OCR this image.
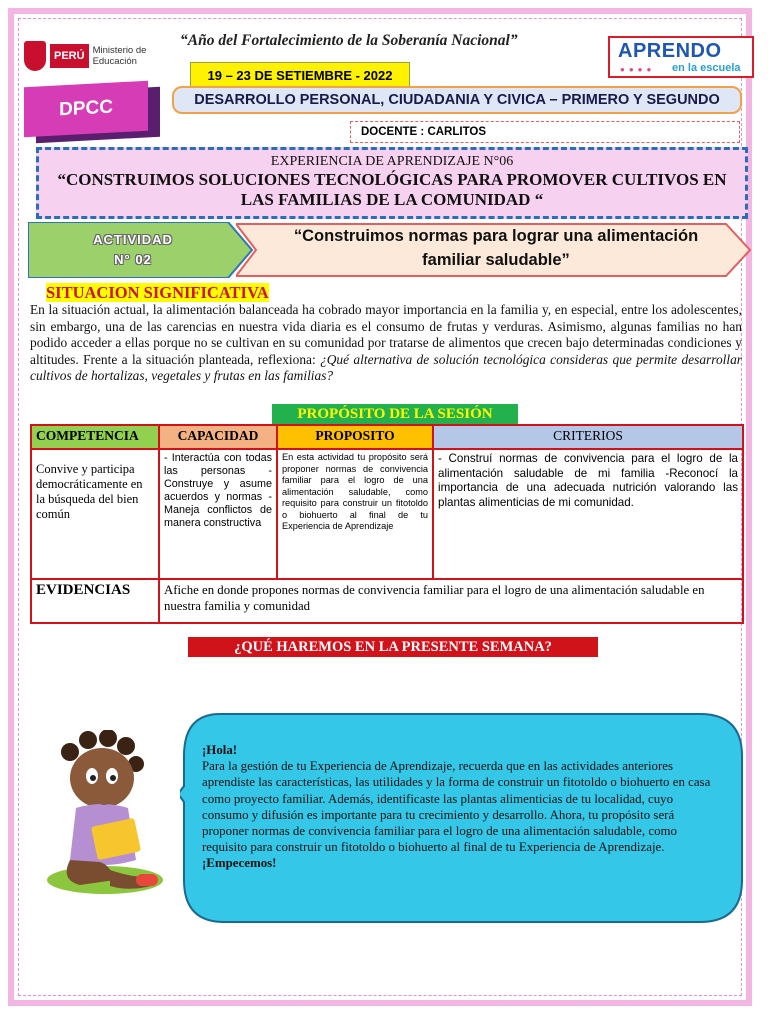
PERÚ Ministerio de Educación
“Año del Fortalecimiento de la Soberanía Nacional”
19 – 23 DE SETIEMBRE - 2022
APRENDO
● ● ● ● en la escuela
DPCC	DESARROLLO PERSONAL, CIUDADANIA Y CIVICA – PRIMERO Y SEGUNDO
DOCENTE : CARLITOS
EXPERIENCIA DE APRENDIZAJE N°06
“CONSTRUIMOS SOLUCIONES TECNOLÓGICAS PARA PROMOVER CULTIVOS EN LAS FAMILIAS DE LA COMUNIDAD “
ACTIVIDAD
N° 02
“Construimos normas para lograr una alimentación familiar saludable”
SITUACION SIGNIFICATIVA
En la situación actual, la alimentación balanceada ha cobrado mayor importancia en la familia y, en especial, entre los adolescentes, sin embargo, una de las carencias en nuestra vida diaria es el consumo de frutas y verduras. Asimismo, algunas familias no han podido acceder a ellas porque no se cultivan en su comunidad por tratarse de alimentos que crecen bajo determinadas condiciones y altitudes. Frente a la situación planteada, reflexiona: ¿Qué alternativa de solución tecnológica consideras que permite desarrollar cultivos de hortalizas, vegetales y frutas en las familias?
PROPÓSITO DE LA SESIÓN
COMPETENCIA	CAPACIDAD	PROPOSITO	CRITERIOS
Convive y participa democráticamente en la búsqueda del bien común	- Interactúa con todas las personas -Construye y asume acuerdos y normas -Maneja conflictos de manera constructiva	En esta actividad tu propósito será proponer normas de convivencia familiar para el logro de una alimentación saludable, como requisito para construir un fitotoldo o biohuerto al final de tu Experiencia de Aprendizaje	- Construí normas de convivencia para el logro de la alimentación saludable de mi familia -Reconocí la importancia de una adecuada nutrición valorando las plantas alimenticias de mi comunidad.
EVIDENCIAS	Afiche en donde propones normas de convivencia familiar para el logro de una alimentación saludable en nuestra familia y comunidad		
¿QUÉ HAREMOS EN LA PRESENTE SEMANA?
¡Hola!
Para la gestión de tu Experiencia de Aprendizaje, recuerda que en las actividades anteriores aprendiste las características, las utilidades y la forma de construir un fitotoldo o biohuerto en casa como proyecto familiar. Además, identificaste las plantas alimenticias de tu localidad, cuyo consumo y difusión es importante para tu crecimiento y desarrollo. Ahora, tu propósito será proponer normas de convivencia familiar para el logro de una alimentación saludable, como requisito para construir un fitotoldo o biohuerto al final de tu Experiencia de Aprendizaje.
¡Empecemos!
